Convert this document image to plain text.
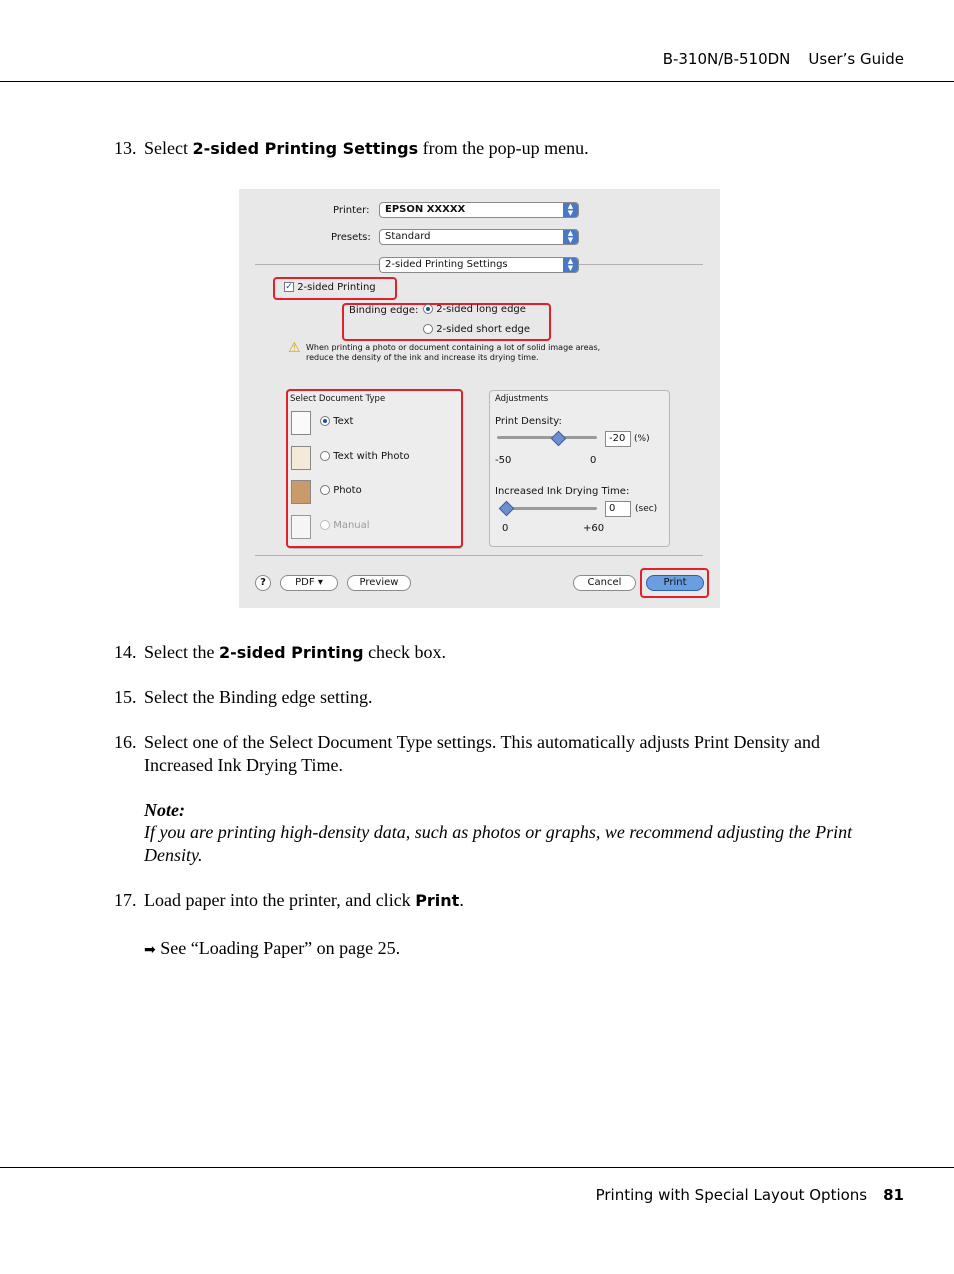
B-310N/B-510DN User’s Guide
13. Select 2-sided Printing Settings from the pop-up menu.
Printer:	EPSON XXXXX	▲
▼
Presets:	Standard	▲
▼
2-sided Printing Settings	▲
▼
✓ 2-sided Printing
Binding edge:	2-sided long edge
2-sided short edge
⚠ When printing a photo or document containing a lot of solid image areas,
reduce the density of the ink and increase its drying time.
Select Document Type
Text
Text with Photo
Photo
Manual
Adjustments
Print Density:
-20 (%)
-50	0
Increased Ink Drying Time:
0	(sec)
0	+60
?	PDF ▾	Preview	Cancel	Print
14. Select the 2-sided Printing check box.
15. Select the Binding edge setting.
16. Select one of the Select Document Type settings. This automatically adjusts Print Density and Increased Ink Drying Time.
Note:
If you are printing high-density data, such as photos or graphs, we recommend adjusting the Print Density.
17. Load paper into the printer, and click Print.
➡ See “Loading Paper” on page 25.
Printing with Special Layout Options 81
